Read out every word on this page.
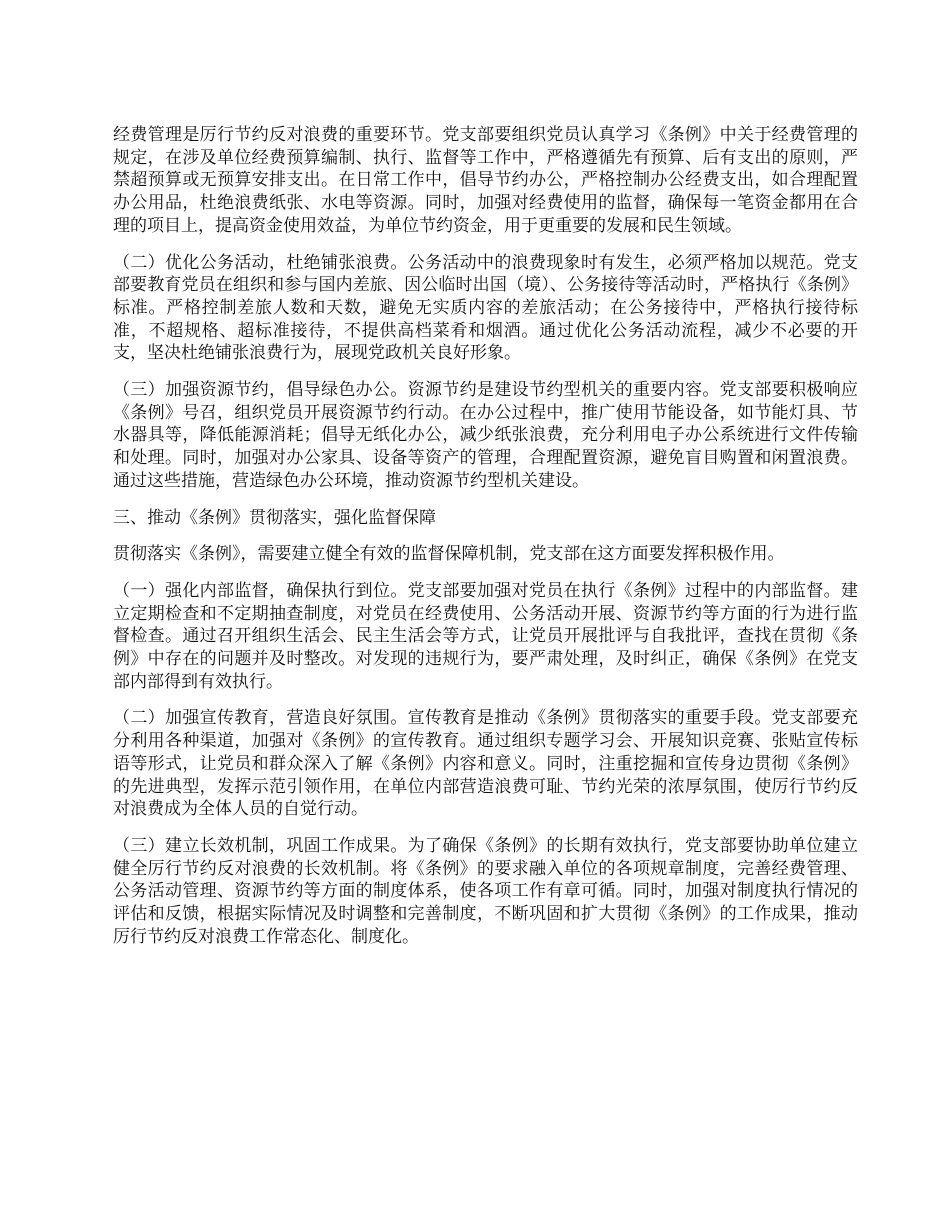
经费管理是厉行节约反对浪费的重要环节。党支部要组织党员认真学习《条例》中关于经费管理的规定，在涉及单位经费预算编制、执行、监督等工作中，严格遵循先有预算、后有支出的原则，严禁超预算或无预算安排支出。在日常工作中，倡导节约办公，严格控制办公经费支出，如合理配置办公用品，杜绝浪费纸张、水电等资源。同时，加强对经费使用的监督，确保每一笔资金都用在合理的项目上，提高资金使用效益，为单位节约资金，用于更重要的发展和民生领域。

（二）优化公务活动，杜绝铺张浪费。公务活动中的浪费现象时有发生，必须严格加以规范。党支部要教育党员在组织和参与国内差旅、因公临时出国（境）、公务接待等活动时，严格执行《条例》标准。严格控制差旅人数和天数，避免无实质内容的差旅活动；在公务接待中，严格执行接待标准，不超规格、超标准接待，不提供高档菜肴和烟酒。通过优化公务活动流程，减少不必要的开支，坚决杜绝铺张浪费行为，展现党政机关良好形象。

（三）加强资源节约，倡导绿色办公。资源节约是建设节约型机关的重要内容。党支部要积极响应《条例》号召，组织党员开展资源节约行动。在办公过程中，推广使用节能设备，如节能灯具、节水器具等，降低能源消耗；倡导无纸化办公，减少纸张浪费，充分利用电子办公系统进行文件传输和处理。同时，加强对办公家具、设备等资产的管理，合理配置资源，避免盲目购置和闲置浪费。通过这些措施，营造绿色办公环境，推动资源节约型机关建设。

三、推动《条例》贯彻落实，强化监督保障

贯彻落实《条例》，需要建立健全有效的监督保障机制，党支部在这方面要发挥积极作用。

（一）强化内部监督，确保执行到位。党支部要加强对党员在执行《条例》过程中的内部监督。建立定期检查和不定期抽查制度，对党员在经费使用、公务活动开展、资源节约等方面的行为进行监督检查。通过召开组织生活会、民主生活会等方式，让党员开展批评与自我批评，查找在贯彻《条例》中存在的问题并及时整改。对发现的违规行为，要严肃处理，及时纠正，确保《条例》在党支部内部得到有效执行。

（二）加强宣传教育，营造良好氛围。宣传教育是推动《条例》贯彻落实的重要手段。党支部要充分利用各种渠道，加强对《条例》的宣传教育。通过组织专题学习会、开展知识竞赛、张贴宣传标语等形式，让党员和群众深入了解《条例》内容和意义。同时，注重挖掘和宣传身边贯彻《条例》的先进典型，发挥示范引领作用，在单位内部营造浪费可耻、节约光荣的浓厚氛围，使厉行节约反对浪费成为全体人员的自觉行动。

（三）建立长效机制，巩固工作成果。为了确保《条例》的长期有效执行，党支部要协助单位建立健全厉行节约反对浪费的长效机制。将《条例》的要求融入单位的各项规章制度，完善经费管理、公务活动管理、资源节约等方面的制度体系，使各项工作有章可循。同时，加强对制度执行情况的评估和反馈，根据实际情况及时调整和完善制度，不断巩固和扩大贯彻《条例》的工作成果，推动厉行节约反对浪费工作常态化、制度化。
